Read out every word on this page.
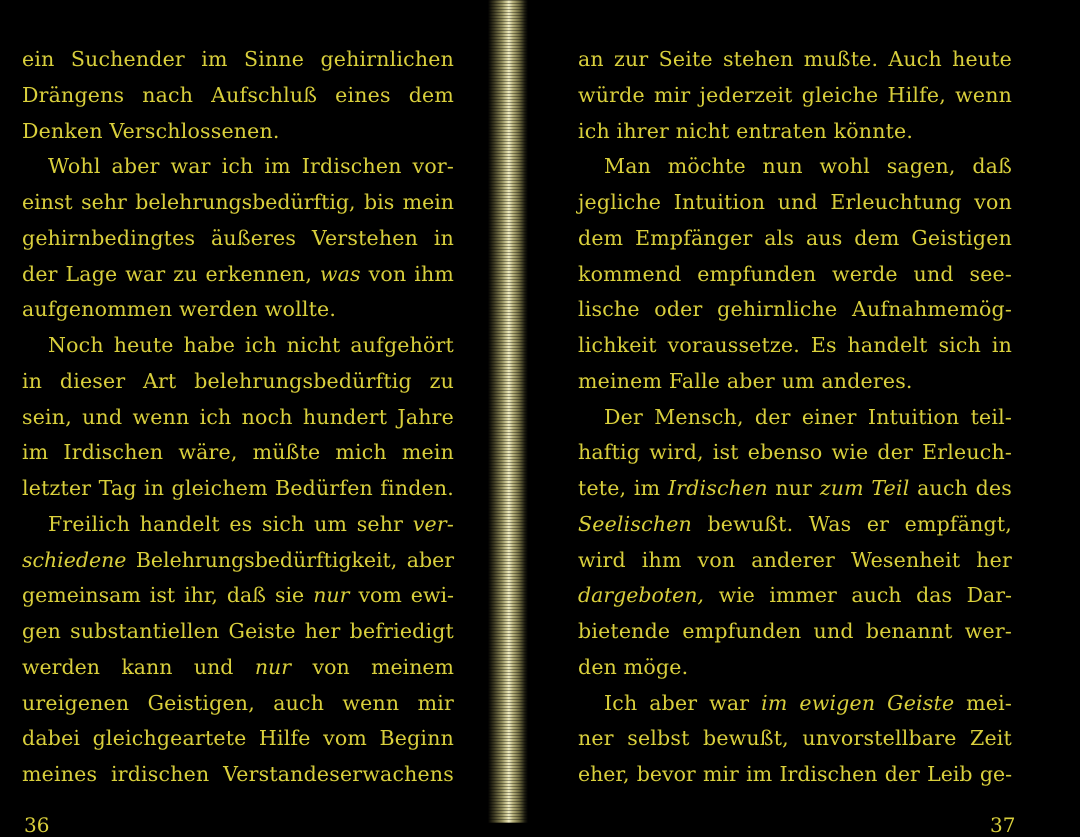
ein Suchender im Sinne gehirnlichen
Drängens nach Aufschluß eines dem
Denken Verschlossenen.
Wohl aber war ich im Irdischen vor-
einst sehr belehrungsbedürftig, bis mein
gehirnbedingtes äußeres Verstehen in
der Lage war zu erkennen, was von ihm
aufgenommen werden wollte.
Noch heute habe ich nicht aufgehört
in dieser Art belehrungsbedürftig zu
sein, und wenn ich noch hundert Jahre
im Irdischen wäre, müßte mich mein
letzter Tag in gleichem Bedürfen finden.
Freilich handelt es sich um sehr ver-
schiedene Belehrungsbedürftigkeit, aber
gemeinsam ist ihr, daß sie nur vom ewi-
gen substantiellen Geiste her befriedigt
werden kann und nur von meinem
ureigenen Geistigen, auch wenn mir
dabei gleichgeartete Hilfe vom Beginn
meines irdischen Verstandeserwachens
36
an zur Seite stehen mußte. Auch heute
würde mir jederzeit gleiche Hilfe, wenn
ich ihrer nicht entraten könnte.
Man möchte nun wohl sagen, daß
jegliche Intuition und Erleuchtung von
dem Empfänger als aus dem Geistigen
kommend empfunden werde und see-
lische oder gehirnliche Aufnahmemög-
lichkeit voraussetze. Es handelt sich in
meinem Falle aber um anderes.
Der Mensch, der einer Intuition teil-
haftig wird, ist ebenso wie der Erleuch-
tete, im Irdischen nur zum Teil auch des
Seelischen bewußt. Was er empfängt,
wird ihm von anderer Wesenheit her
dargeboten, wie immer auch das Dar-
bietende empfunden und benannt wer-
den möge.
Ich aber war im ewigen Geiste mei-
ner selbst bewußt, unvorstellbare Zeit
eher, bevor mir im Irdischen der Leib ge-
37
